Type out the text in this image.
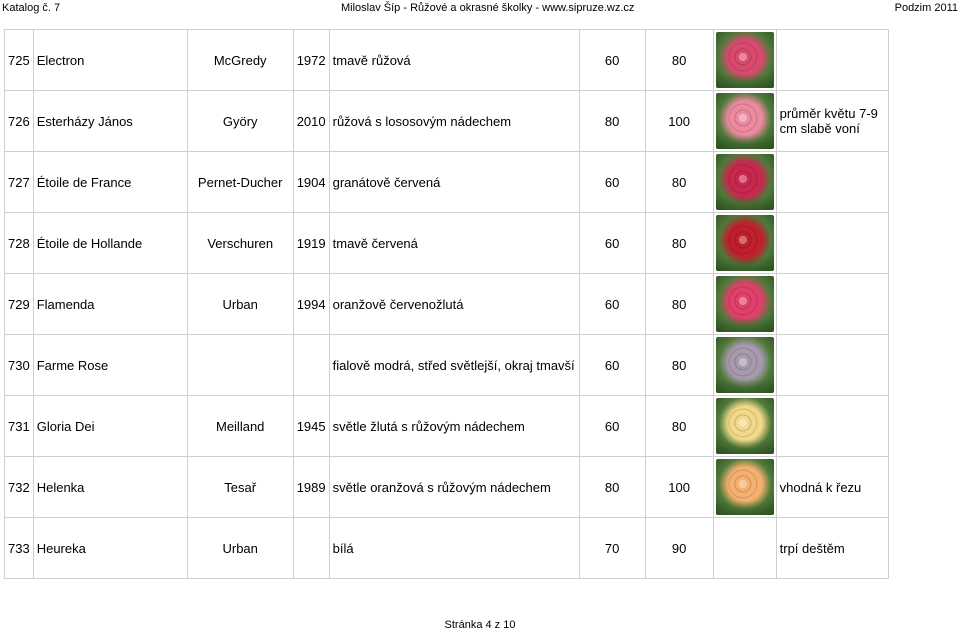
Katalog č. 7	Miloslav Šíp - Růžové a okrasné školky - www.sipruze.wz.cz	Podzim 2011
725	Electron	McGredy	1972	tmavě růžová	60	80		
726	Esterházy János	Györy	2010	růžová s lososovým nádechem	80	100		průměr květu 7-9 cm slabě voní
727	Étoile de France	Pernet-Ducher	1904	granátově červená	60	80		
728	Étoile de Hollande	Verschuren	1919	tmavě červená	60	80		
729	Flamenda	Urban	1994	oranžově červenožlutá	60	80		
730	Farme Rose			fialově modrá, střed světlejší, okraj tmavší	60	80		
731	Gloria Dei	Meilland	1945	světle žlutá s růžovým nádechem	60	80		
732	Helenka	Tesař	1989	světle oranžová s růžovým nádechem	80	100		vhodná k řezu
733	Heureka	Urban		bílá	70	90		trpí deštěm
Stránka 4 z 10
